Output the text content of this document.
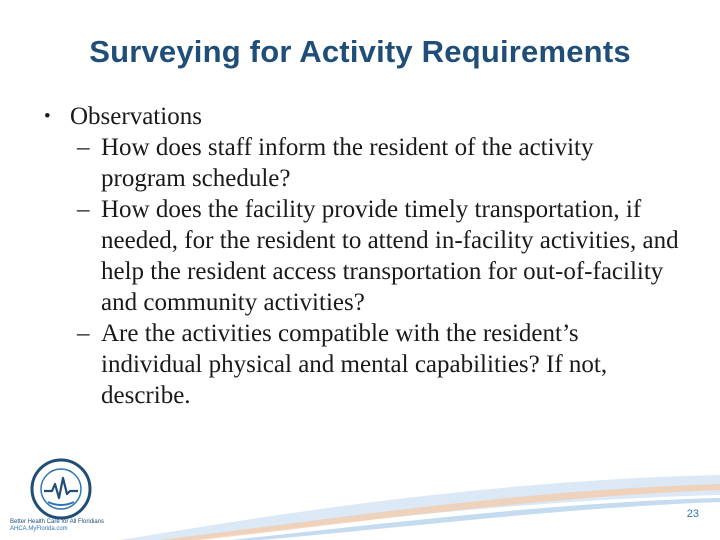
Surveying for Activity Requirements
• Observations
– How does staff inform the resident of the activity program schedule?
– How does the facility provide timely transportation, if needed, for the resident to attend in-facility activities, and help the resident access transportation for out-of-facility and community activities?
– Are the activities compatible with the resident’s individual physical and mental capabilities? If not, describe.
Better Health Care for All Floridians
AHCA.MyFlorida.com
23
